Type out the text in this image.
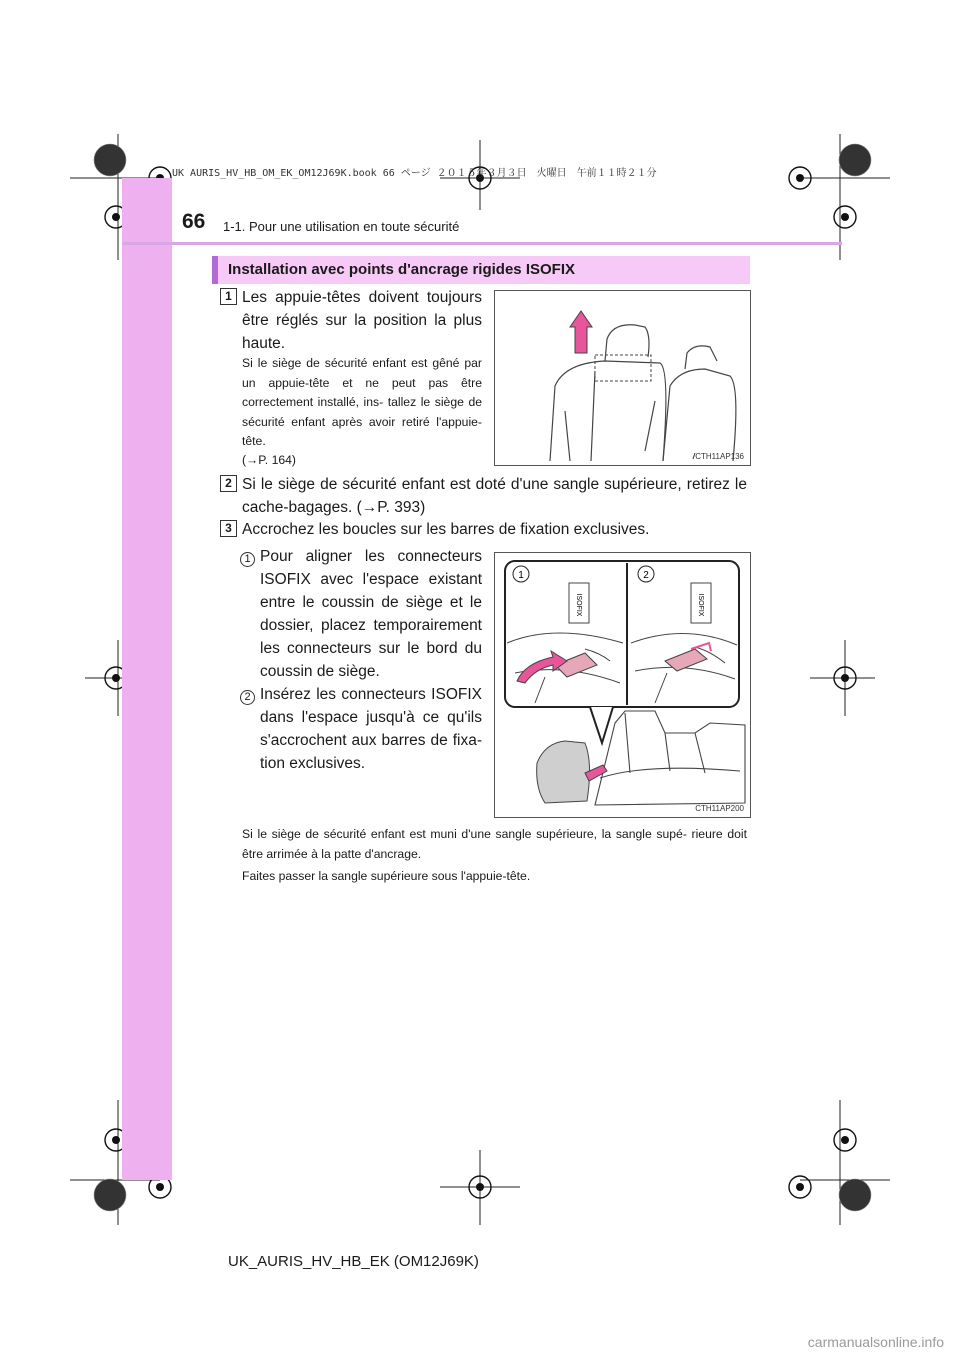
UK AURIS_HV_HB_OM_EK_OM12J69K.book 66 ページ ２０１５年３月３日　火曜日　午前１１時２１分
66 1-1. Pour une utilisation en toute sécurité
Installation avec points d'ancrage rigides ISOFIX
1 Les appuie-têtes doivent toujours être réglés sur la position la plus haute.
Si le siège de sécurité enfant est gêné par un appuie-tête et ne peut pas être correctement installé, ins- tallez le siège de sécurité enfant après avoir retiré l'appuie-tête.
(→P. 164)	CTH11AP136
2 Si le siège de sécurité enfant est doté d'une sangle supérieure, retirez le cache-bagages. (→P. 393)
3 Accrochez les boucles sur les barres de fixation exclusives.
1 Pour aligner les connecteurs ISOFIX avec l'espace existant entre le coussin de siège et le dossier, placez temporairement les connecteurs sur le bord du coussin de siège.
2 Insérez les connecteurs ISOFIX dans l'espace jusqu'à ce qu'ils s'accrochent aux barres de fixa- tion exclusives.
ISOFIX	ISOFIX
1	2
CTH11AP200
Si le siège de sécurité enfant est muni d'une sangle supérieure, la sangle supé- rieure doit être arrimée à la patte d'ancrage.
Faites passer la sangle supérieure sous l'appuie-tête.
UK_AURIS_HV_HB_EK (OM12J69K)
carmanualsonline.info
